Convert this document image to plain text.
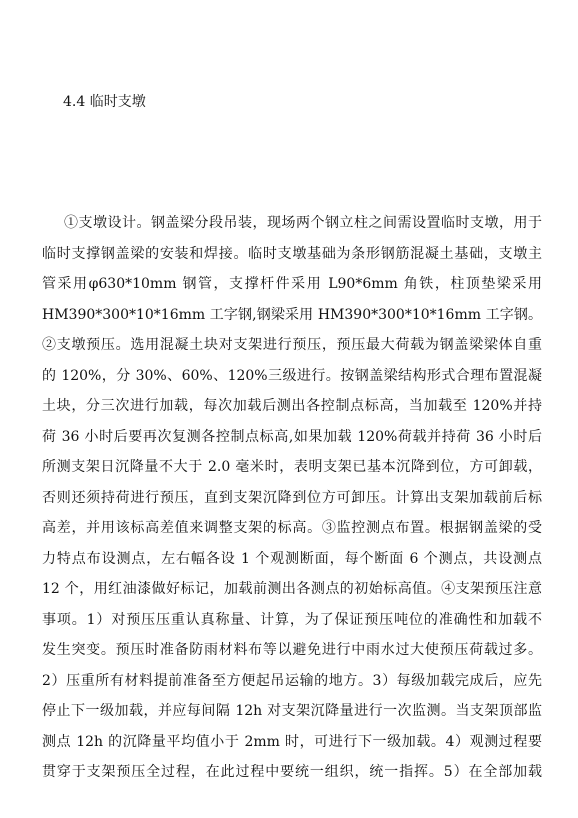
4.4 临时支墩
①支墩设计。钢盖梁分段吊装，现场两个钢立柱之间需设置临时支墩，用于
临时支撑钢盖梁的安装和焊接。临时支墩基础为条形钢筋混凝土基础，支墩主
管采用φ630*10mm 钢管，支撑杆件采用 L90*6mm 角铁，柱顶垫梁采用
HM390*300*10*16mm 工字钢,钢梁采用 HM390*300*10*16mm 工字钢。
②支墩预压。选用混凝土块对支架进行预压，预压最大荷载为钢盖梁梁体自重
的 120%，分 30%、60%、120%三级进行。按钢盖梁结构形式合理布置混凝
土块，分三次进行加载，每次加载后测出各控制点标高，当加载至 120%并持
荷 36 小时后要再次复测各控制点标高,如果加载 120%荷载并持荷 36 小时后
所测支架日沉降量不大于 2.0 毫米时，表明支架已基本沉降到位，方可卸载，
否则还须持荷进行预压，直到支架沉降到位方可卸压。计算出支架加载前后标
高差，并用该标高差值来调整支架的标高。③监控测点布置。根据钢盖梁的受
力特点布设测点，左右幅各设 1 个观测断面，每个断面 6 个测点，共设测点
12 个，用红油漆做好标记，加载前测出各测点的初始标高值。④支架预压注意
事项。1）对预压压重认真称量、计算，为了保证预压吨位的准确性和加载不
发生突变。预压时准备防雨材料布等以避免进行中雨水过大使预压荷载过多。
2）压重所有材料提前准备至方便起吊运输的地方。3）每级加载完成后，应先
停止下一级加载，并应每间隔 12h 对支架沉降量进行一次监测。当支架顶部监
测点 12h 的沉降量平均值小于 2mm 时，可进行下一级加载。4）观测过程要
贯穿于支架预压全过程，在此过程中要统一组织，统一指挥。5）在全部加载
